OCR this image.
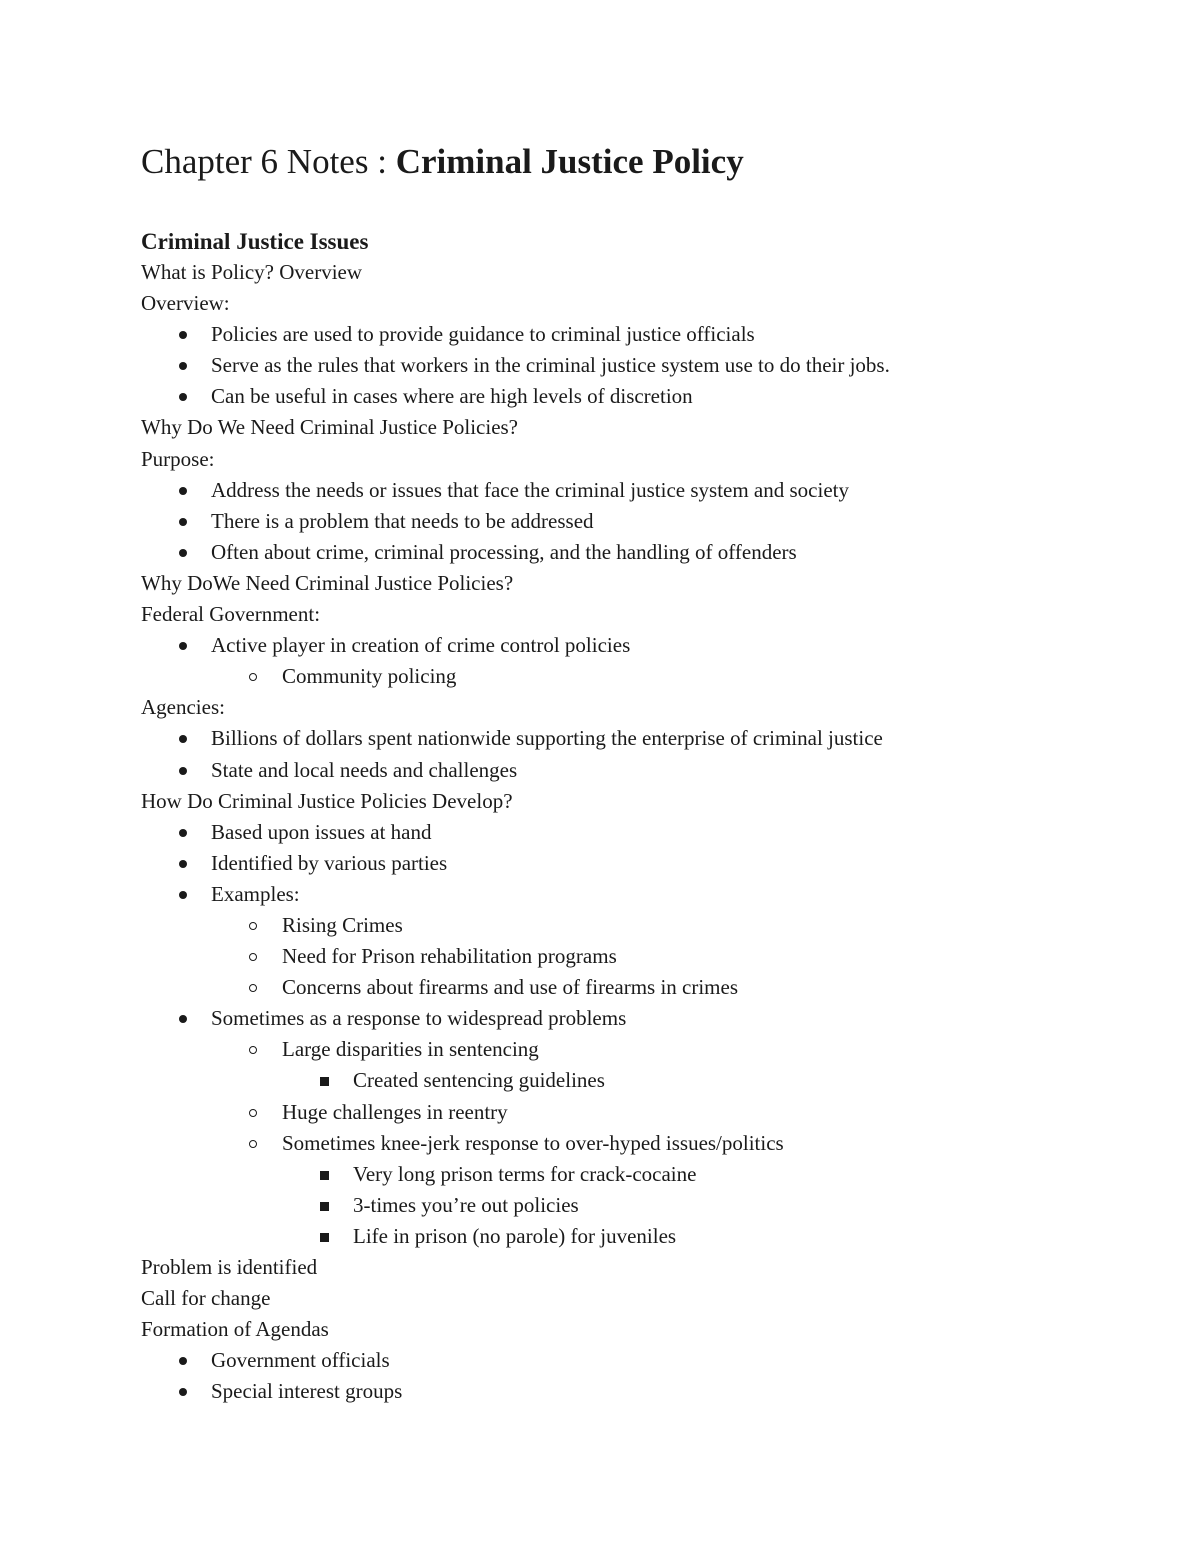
Chapter 6 Notes : Criminal Justice Policy
Criminal Justice Issues
What is Policy? Overview
Overview:
Policies are used to provide guidance to criminal justice officials
Serve as the rules that workers in the criminal justice system use to do their jobs.
Can be useful in cases where are high levels of discretion
Why Do We Need Criminal Justice Policies?
Purpose:
Address the needs or issues that face the criminal justice system and society
There is a problem that needs to be addressed
Often about crime, criminal processing, and the handling of offenders
Why DoWe Need Criminal Justice Policies?
Federal Government:
Active player in creation of crime control policies
Community policing
Agencies:
Billions of dollars spent nationwide supporting the enterprise of criminal justice
State and local needs and challenges
How Do Criminal Justice Policies Develop?
Based upon issues at hand
Identified by various parties
Examples:
Rising Crimes
Need for Prison rehabilitation programs
Concerns about firearms and use of firearms in crimes
Sometimes as a response to widespread problems
Large disparities in sentencing
Created sentencing guidelines
Huge challenges in reentry
Sometimes knee-jerk response to over-hyped issues/politics
Very long prison terms for crack-cocaine
3-times you’re out policies
Life in prison (no parole) for juveniles
Problem is identified
Call for change
Formation of Agendas
Government officials
Special interest groups
